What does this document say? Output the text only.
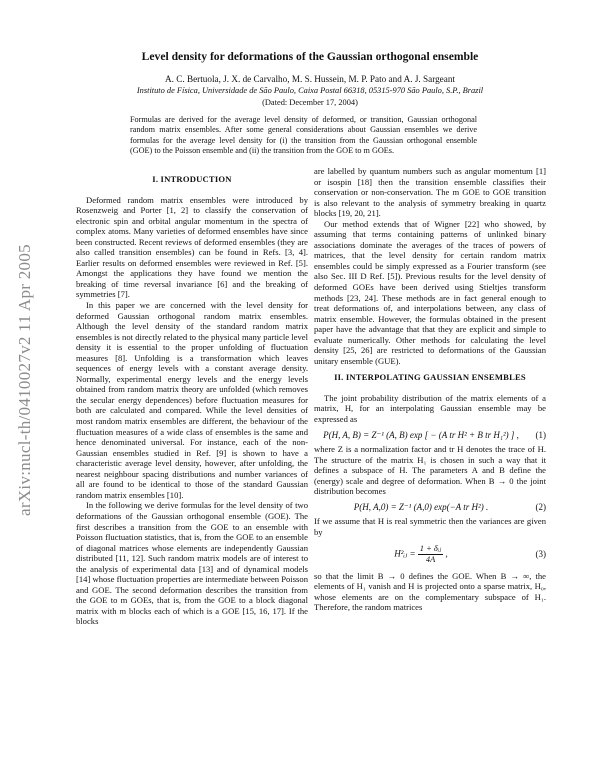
arXiv:nucl-th/0410027v2 11 Apr 2005
Level density for deformations of the Gaussian orthogonal ensemble

A. C. Bertuola, J. X. de Carvalho, M. S. Hussein, M. P. Pato and A. J. Sargeant

Instituto de Física, Universidade de São Paulo, Caixa Postal 66318, 05315-970 São Paulo, S.P., Brazil

(Dated: December 17, 2004)

Formulas are derived for the average level density of deformed, or transition, Gaussian orthogonal random matrix ensembles. After some general considerations about Gaussian ensembles we derive formulas for the average level density for (i) the transition from the Gaussian orthogonal ensemble (GOE) to the Poisson ensemble and (ii) the transition from the GOE to m GOEs.

I. INTRODUCTION

Deformed random matrix ensembles were introduced by Rosenzweig and Porter [1, 2] to classify the conservation of electronic spin and orbital angular momentum in the spectra of complex atoms. Many varieties of deformed ensembles have since been constructed. Recent reviews of deformed ensembles (they are also called transition ensembles) can be found in Refs. [3, 4]. Earlier results on deformed ensembles were reviewed in Ref. [5]. Amongst the applications they have found we mention the breaking of time reversal invariance [6] and the breaking of symmetries [7].

In this paper we are concerned with the level density for deformed Gaussian orthogonal random matrix ensembles. Although the level density of the standard random matrix ensembles is not directly related to the physical many particle level density it is essential to the proper unfolding of fluctuation measures [8]. Unfolding is a transformation which leaves sequences of energy levels with a constant average density. Normally, experimental energy levels and the energy levels obtained from random matrix theory are unfolded (which removes the secular energy dependences) before fluctuation measures for both are calculated and compared. While the level densities of most random matrix ensembles are different, the behaviour of the fluctuation measures of a wide class of ensembles is the same and hence denominated universal. For instance, each of the non-Gaussian ensembles studied in Ref. [9] is shown to have a characteristic average level density, however, after unfolding, the nearest neighbour spacing distributions and number variances of all are found to be identical to those of the standard Gaussian random matrix ensembles [10].

In the following we derive formulas for the level density of two deformations of the Gaussian orthogonal ensemble (GOE). The first describes a transition from the GOE to an ensemble with Poisson fluctuation statistics, that is, from the GOE to an ensemble of diagonal matrices whose elements are independently Gaussian distributed [11, 12]. Such random matrix models are of interest to the analysis of experimental data [13] and of dynamical models [14] whose fluctuation properties are intermediate between Poisson and GOE. The second deformation describes the transition from the GOE to m GOEs, that is, from the GOE to a block diagonal matrix with m blocks each of which is a GOE [15, 16, 17]. If the blocks

are labelled by quantum numbers such as angular momentum [1] or isospin [18] then the transition ensemble classifies their conservation or non-conservation. The m GOE to GOE transition is also relevant to the analysis of symmetry breaking in quartz blocks [19, 20, 21].

Our method extends that of Wigner [22] who showed, by assuming that terms containing patterns of unlinked binary associations dominate the averages of the traces of powers of matrices, that the level density for certain random matrix ensembles could be simply expressed as a Fourier transform (see also Sec. III D Ref. [5]). Previous results for the level density of deformed GOEs have been derived using Stieltjes transform methods [23, 24]. These methods are in fact general enough to treat deformations of, and interpolations between, any class of matrix ensemble. However, the formulas obtained in the present paper have the advantage that that they are explicit and simple to evaluate numerically. Other methods for calculating the level density [25, 26] are restricted to deformations of the Gaussian unitary ensemble (GUE).

II. INTERPOLATING GAUSSIAN ENSEMBLES

The joint probability distribution of the matrix elements of a matrix, H, for an interpolating Gaussian ensemble may be expressed as

P(H, A, B) = Z⁻¹ (A, B) exp [ − (A tr H² + B tr H₁²) ] ,	(1)

where Z is a normalization factor and tr H denotes the trace of H. The structure of the matrix H₁ is chosen in such a way that it defines a subspace of H. The parameters A and B define the (energy) scale and degree of deformation. When B → 0 the joint distribution becomes

P(H, A,0) = Z⁻¹ (A,0) exp(−A tr H²) .	(2)

If we assume that H is real symmetric then the variances are given by

H²ᵢⱼ = $\frac{\text{1 + δᵢⱼ}}{4A}$ ,	(3)

so that the limit B → 0 defines the GOE. When B → ∞, the elements of H₁ vanish and H is projected onto a sparse matrix, H₀, whose elements are on the complementary subspace of H₁. Therefore, the random matrices
